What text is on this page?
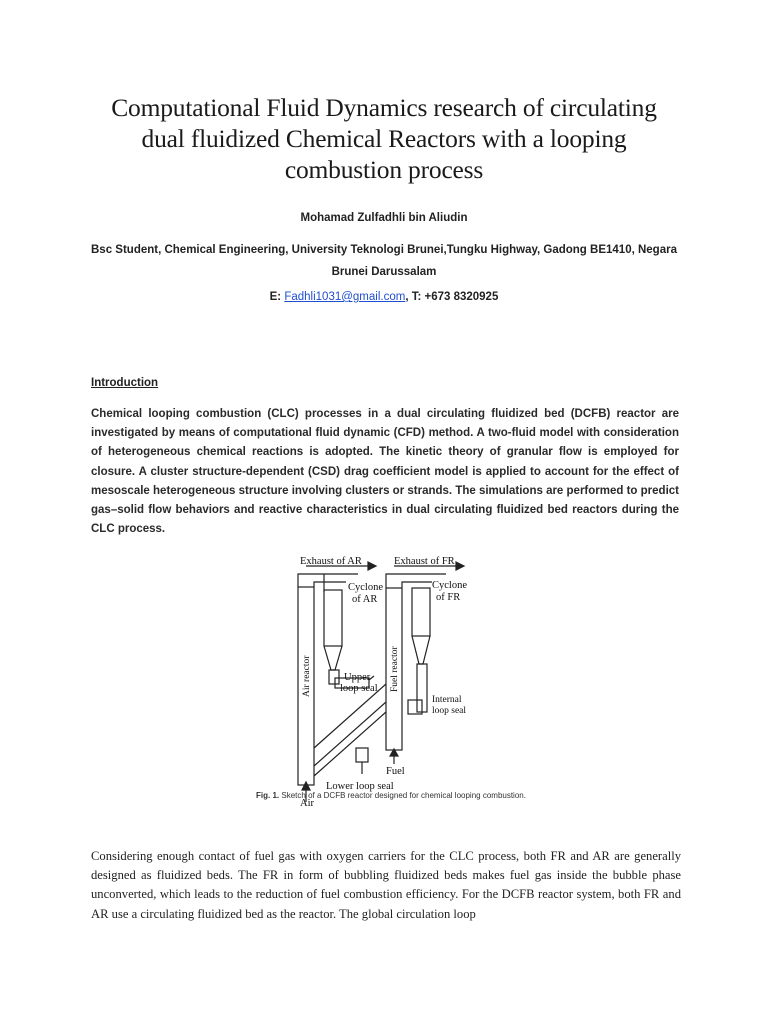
Computational Fluid Dynamics research of circulating dual fluidized Chemical Reactors with a looping combustion process
Mohamad Zulfadhli bin Aliudin
Bsc Student, Chemical Engineering, University Teknologi Brunei,Tungku Highway, Gadong BE1410, Negara Brunei Darussalam
E: Fadhli1031@gmail.com, T: +673 8320925
Introduction
Chemical looping combustion (CLC) processes in a dual circulating fluidized bed (DCFB) reactor are investigated by means of computational fluid dynamic (CFD) method. A two-fluid model with consideration of heterogeneous chemical reactions is adopted. The kinetic theory of granular flow is employed for closure. A cluster structure-dependent (CSD) drag coefficient model is applied to account for the effect of mesoscale heterogeneous structure involving clusters or strands. The simulations are performed to predict gas–solid flow behaviors and reactive characteristics in dual circulating fluidized bed reactors during the CLC process.
Exhaust of AR	Exhaust of FR
Cyclone
of AR
Cyclone
of FR
Upper
loop seal
Internal
loop seal
Fuel
Lower loop seal
Air
Air reactor	Fuel reactor
Fig. 1. Sketch of a DCFB reactor designed for chemical looping combustion.
Considering enough contact of fuel gas with oxygen carriers for the CLC process, both FR and AR are generally designed as fluidized beds. The FR in form of bubbling fluidized beds makes fuel gas inside the bubble phase unconverted, which leads to the reduction of fuel combustion efficiency. For the DCFB reactor system, both FR and AR use a circulating fluidized bed as the reactor. The global circulation loop
